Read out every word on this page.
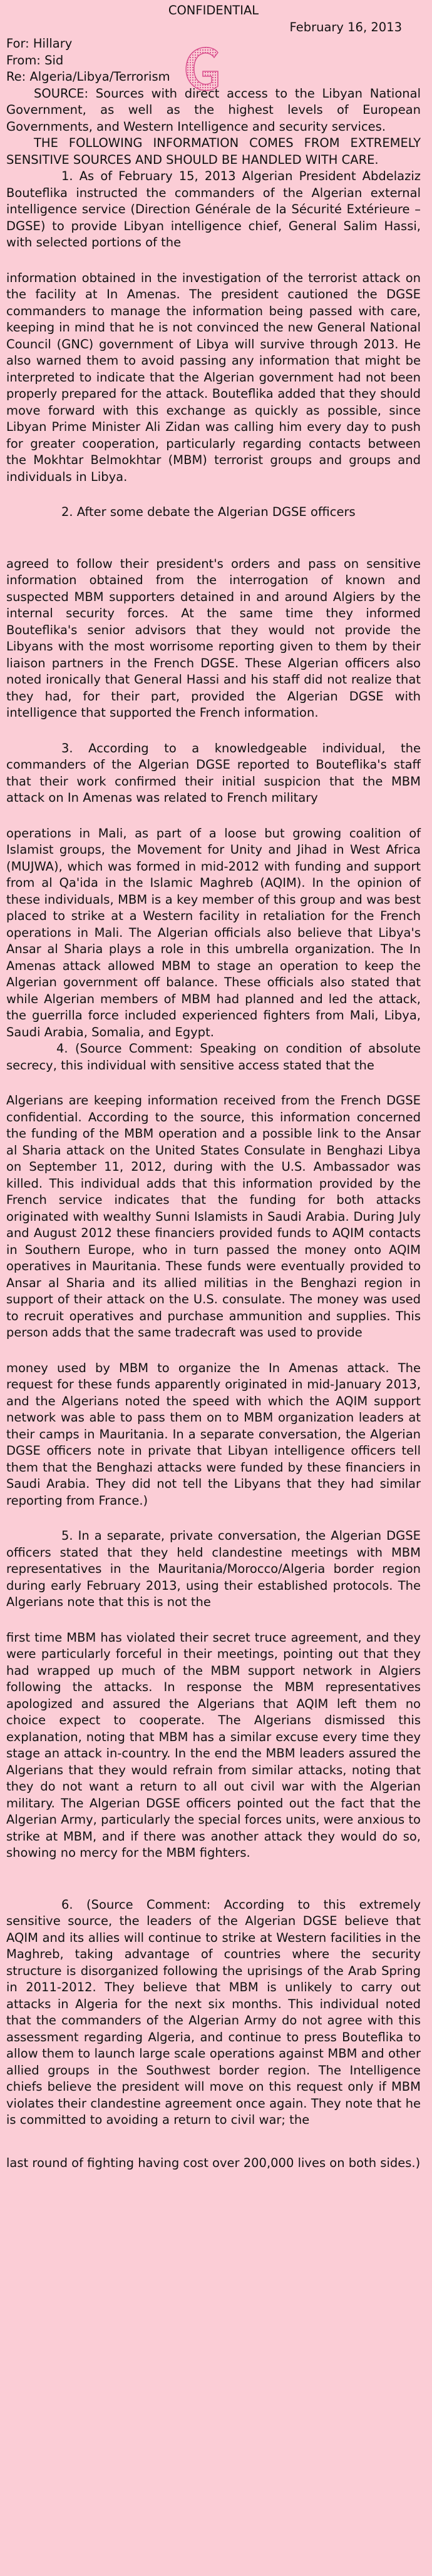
CONFIDENTIAL

February 16, 2013

For: Hillary

From: Sid

Re: Algeria/Libya/Terrorism

SOURCE: Sources with direct access to the Libyan National Government, as well as the highest levels of European Governments, and Western Intelligence and security services.

THE FOLLOWING INFORMATION COMES FROM EXTREMELY SENSITIVE SOURCES AND SHOULD BE HANDLED WITH CARE.

1. As of February 15, 2013 Algerian President Abdelaziz Bouteflika instructed the commanders of the Algerian external intelligence service (Direction Générale de la Sécurité Extérieure – DGSE) to provide Libyan intelligence chief, General Salim Hassi, with selected portions of the

information obtained in the investigation of the terrorist attack on the facility at In Amenas. The president cautioned the DGSE commanders to manage the information being passed with care, keeping in mind that he is not convinced the new General National Council (GNC) government of Libya will survive through 2013. He also warned them to avoid passing any information that might be interpreted to indicate that the Algerian government had not been properly prepared for the attack. Bouteflika added that they should move forward with this exchange as quickly as possible, since Libyan Prime Minister Ali Zidan was calling him every day to push for greater cooperation, particularly regarding contacts between the Mokhtar Belmokhtar (MBM) terrorist groups and groups and individuals in Libya.

2. After some debate the Algerian DGSE officers

agreed to follow their president's orders and pass on sensitive information obtained from the interrogation of known and suspected MBM supporters detained in and around Algiers by the internal security forces. At the same time they informed Bouteflika's senior advisors that they would not provide the Libyans with the most worrisome reporting given to them by their liaison partners in the French DGSE. These Algerian officers also noted ironically that General Hassi and his staff did not realize that they had, for their part, provided the Algerian DGSE with intelligence that supported the French information.

3. According to a knowledgeable individual, the commanders of the Algerian DGSE reported to Bouteflika's staff that their work confirmed their initial suspicion that the MBM attack on In Amenas was related to French military

operations in Mali, as part of a loose but growing coalition of Islamist groups, the Movement for Unity and Jihad in West Africa (MUJWA), which was formed in mid-2012 with funding and support from al Qa'ida in the Islamic Maghreb (AQIM). In the opinion of these individuals, MBM is a key member of this group and was best placed to strike at a Western facility in retaliation for the French operations in Mali. The Algerian officials also believe that Libya's Ansar al Sharia plays a role in this umbrella organization. The In Amenas attack allowed MBM to stage an operation to keep the Algerian government off balance. These officials also stated that while Algerian members of MBM had planned and led the attack, the guerrilla force included experienced fighters from Mali, Libya, Saudi Arabia, Somalia, and Egypt.

4. (Source Comment: Speaking on condition of absolute secrecy, this individual with sensitive access stated that the

Algerians are keeping information received from the French DGSE confidential. According to the source, this information concerned the funding of the MBM operation and a possible link to the Ansar al Sharia attack on the United States Consulate in Benghazi Libya on September 11, 2012, during with the U.S. Ambassador was killed. This individual adds that this information provided by the French service indicates that the funding for both attacks originated with wealthy Sunni Islamists in Saudi Arabia. During July and August 2012 these financiers provided funds to AQIM contacts in Southern Europe, who in turn passed the money onto AQIM operatives in Mauritania. These funds were eventually provided to Ansar al Sharia and its allied militias in the Benghazi region in support of their attack on the U.S. consulate. The money was used to recruit operatives and purchase ammunition and supplies. This person adds that the same tradecraft was used to provide

money used by MBM to organize the In Amenas attack. The request for these funds apparently originated in mid-January 2013, and the Algerians noted the speed with which the AQIM support network was able to pass them on to MBM organization leaders at their camps in Mauritania. In a separate conversation, the Algerian DGSE officers note in private that Libyan intelligence officers tell them that the Benghazi attacks were funded by these financiers in Saudi Arabia. They did not tell the Libyans that they had similar reporting from France.)

5. In a separate, private conversation, the Algerian DGSE officers stated that they held clandestine meetings with MBM representatives in the Mauritania/Morocco/Algeria border region during early February 2013, using their established protocols. The Algerians note that this is not the

first time MBM has violated their secret truce agreement, and they were particularly forceful in their meetings, pointing out that they had wrapped up much of the MBM support network in Algiers following the attacks. In response the MBM representatives apologized and assured the Algerians that AQIM left them no choice expect to cooperate. The Algerians dismissed this explanation, noting that MBM has a similar excuse every time they stage an attack in-country. In the end the MBM leaders assured the Algerians that they would refrain from similar attacks, noting that they do not want a return to all out civil war with the Algerian military. The Algerian DGSE officers pointed out the fact that the Algerian Army, particularly the special forces units, were anxious to strike at MBM, and if there was another attack they would do so, showing no mercy for the MBM fighters.

6. (Source Comment: According to this extremely sensitive source, the leaders of the Algerian DGSE believe that AQIM and its allies will continue to strike at Western facilities in the Maghreb, taking advantage of countries where the security structure is disorganized following the uprisings of the Arab Spring in 2011-2012. They believe that MBM is unlikely to carry out attacks in Algeria for the next six months. This individual noted that the commanders of the Algerian Army do not agree with this assessment regarding Algeria, and continue to press Bouteflika to allow them to launch large scale operations against MBM and other allied groups in the Southwest border region. The Intelligence chiefs believe the president will move on this request only if MBM violates their clandestine agreement once again. They note that he is committed to avoiding a return to civil war; the

last round of fighting having cost over 200,000 lives on both sides.)
